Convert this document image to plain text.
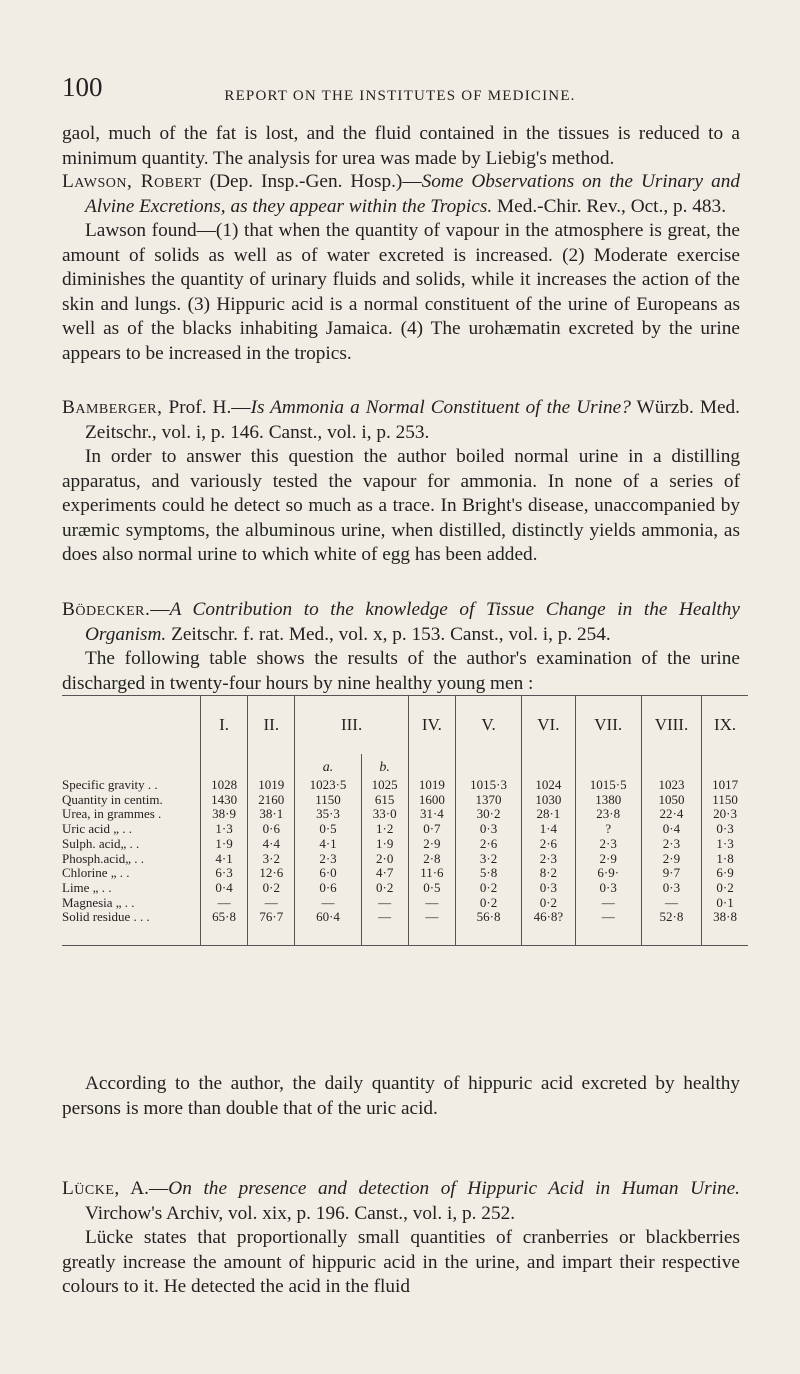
100	REPORT ON THE INSTITUTES OF MEDICINE.

gaol, much of the fat is lost, and the fluid contained in the tissues is reduced to a minimum quantity. The analysis for urea was made by Liebig's method.

Lawson, Robert (Dep. Insp.-Gen. Hosp.)—Some Observations on the Urinary and Alvine Excretions, as they appear within the Tropics. Med.-Chir. Rev., Oct., p. 483.

Lawson found—(1) that when the quantity of vapour in the atmosphere is great, the amount of solids as well as of water excreted is increased. (2) Moderate exercise diminishes the quantity of urinary fluids and solids, while it increases the action of the skin and lungs. (3) Hippuric acid is a normal constituent of the urine of Europeans as well as of the blacks inhabiting Jamaica. (4) The urohæmatin excreted by the urine appears to be increased in the tropics.

Bamberger, Prof. H.—Is Ammonia a Normal Constituent of the Urine? Würzb. Med. Zeitschr., vol. i, p. 146. Canst., vol. i, p. 253.

In order to answer this question the author boiled normal urine in a distilling apparatus, and variously tested the vapour for ammonia. In none of a series of experiments could he detect so much as a trace. In Bright's disease, unaccompanied by uræmic symptoms, the albuminous urine, when distilled, distinctly yields ammonia, as does also normal urine to which white of egg has been added.

Bödecker.—A Contribution to the knowledge of Tissue Change in the Healthy Organism. Zeitschr. f. rat. Med., vol. x, p. 153. Canst., vol. i, p. 254.

The following table shows the results of the author's examination of the urine discharged in twenty-four hours by nine healthy young men :

	I.	II.	III.		IV.	V.	VI.	VII.	VIII.	IX.
			a.	b.						
Specific gravity . .	1028	1019	1023·5	1025	1019	1015·3	1024	1015·5	1023	1017
Quantity in centim.	1430	2160	1150	615	1600	1370	1030	1380	1050	1150
Urea, in grammes .	38·9	38·1	35·3	33·0	31·4	30·2	28·1	23·8	22·4	20·3
Uric acid „ . .	1·3	0·6	0·5	1·2	0·7	0·3	1·4	?	0·4	0·3
Sulph. acid„ . .	1·9	4·4	4·1	1·9	2·9	2·6	2·6	2·3	2·3	1·3
Phosph.acid„ . .	4·1	3·2	2·3	2·0	2·8	3·2	2·3	2·9	2·9	1·8
Chlorine „ . .	6·3	12·6	6·0	4·7	11·6	5·8	8·2	6·9·	9·7	6·9
Lime „ . .	0·4	0·2	0·6	0·2	0·5	0·2	0·3	0·3	0·3	0·2
Magnesia „ . .	—	—	—	—	—	0·2	0·2	—	—	0·1
Solid residue . . .	65·8	76·7	60·4	—	—	56·8	46·8?	—	52·8	38·8

According to the author, the daily quantity of hippuric acid excreted by healthy persons is more than double that of the uric acid.

Lücke, A.—On the presence and detection of Hippuric Acid in Human Urine. Virchow's Archiv, vol. xix, p. 196. Canst., vol. i, p. 252.

Lücke states that proportionally small quantities of cranberries or blackberries greatly increase the amount of hippuric acid in the urine, and impart their respective colours to it. He detected the acid in the fluid
